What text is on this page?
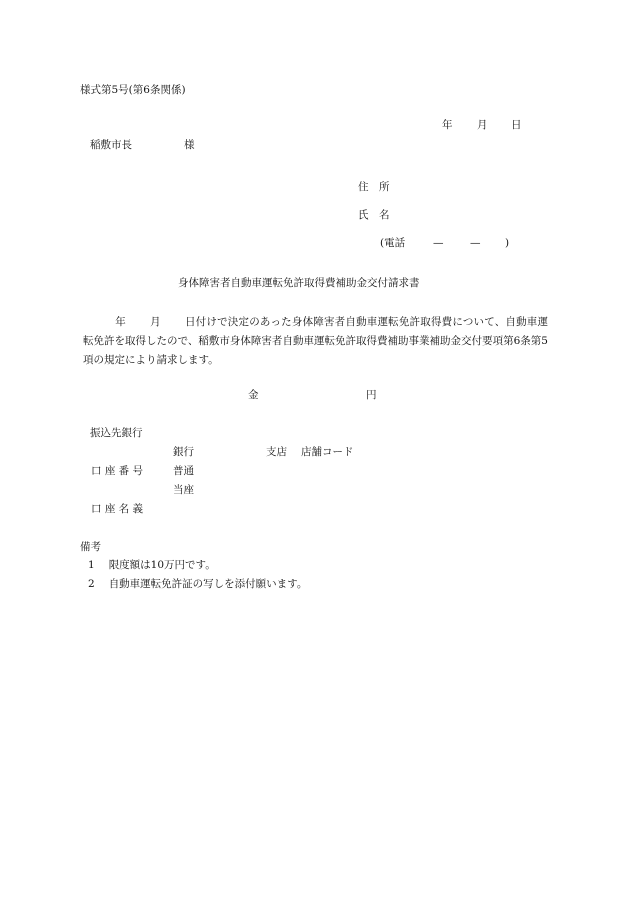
様式第5号(第6条関係)
年 月 日
稲敷市長	様
住　所
氏　名
(電話	—	— )
身体障害者自動車運転免許取得費補助金交付請求書
年 月 日付けで決定のあった身体障害者自動車運転免許取得費について、自動車運転免許を取得したので、稲敷市身体障害者自動車運転免許取得費補助事業補助金交付要項第6条第5項の規定により請求します。
金	円
振込先銀行
銀行	支店 店舗コード
口 座 番 号	普通
当座
口 座 名 義
備考
1 限度額は10万円です。
2 自動車運転免許証の写しを添付願います。
